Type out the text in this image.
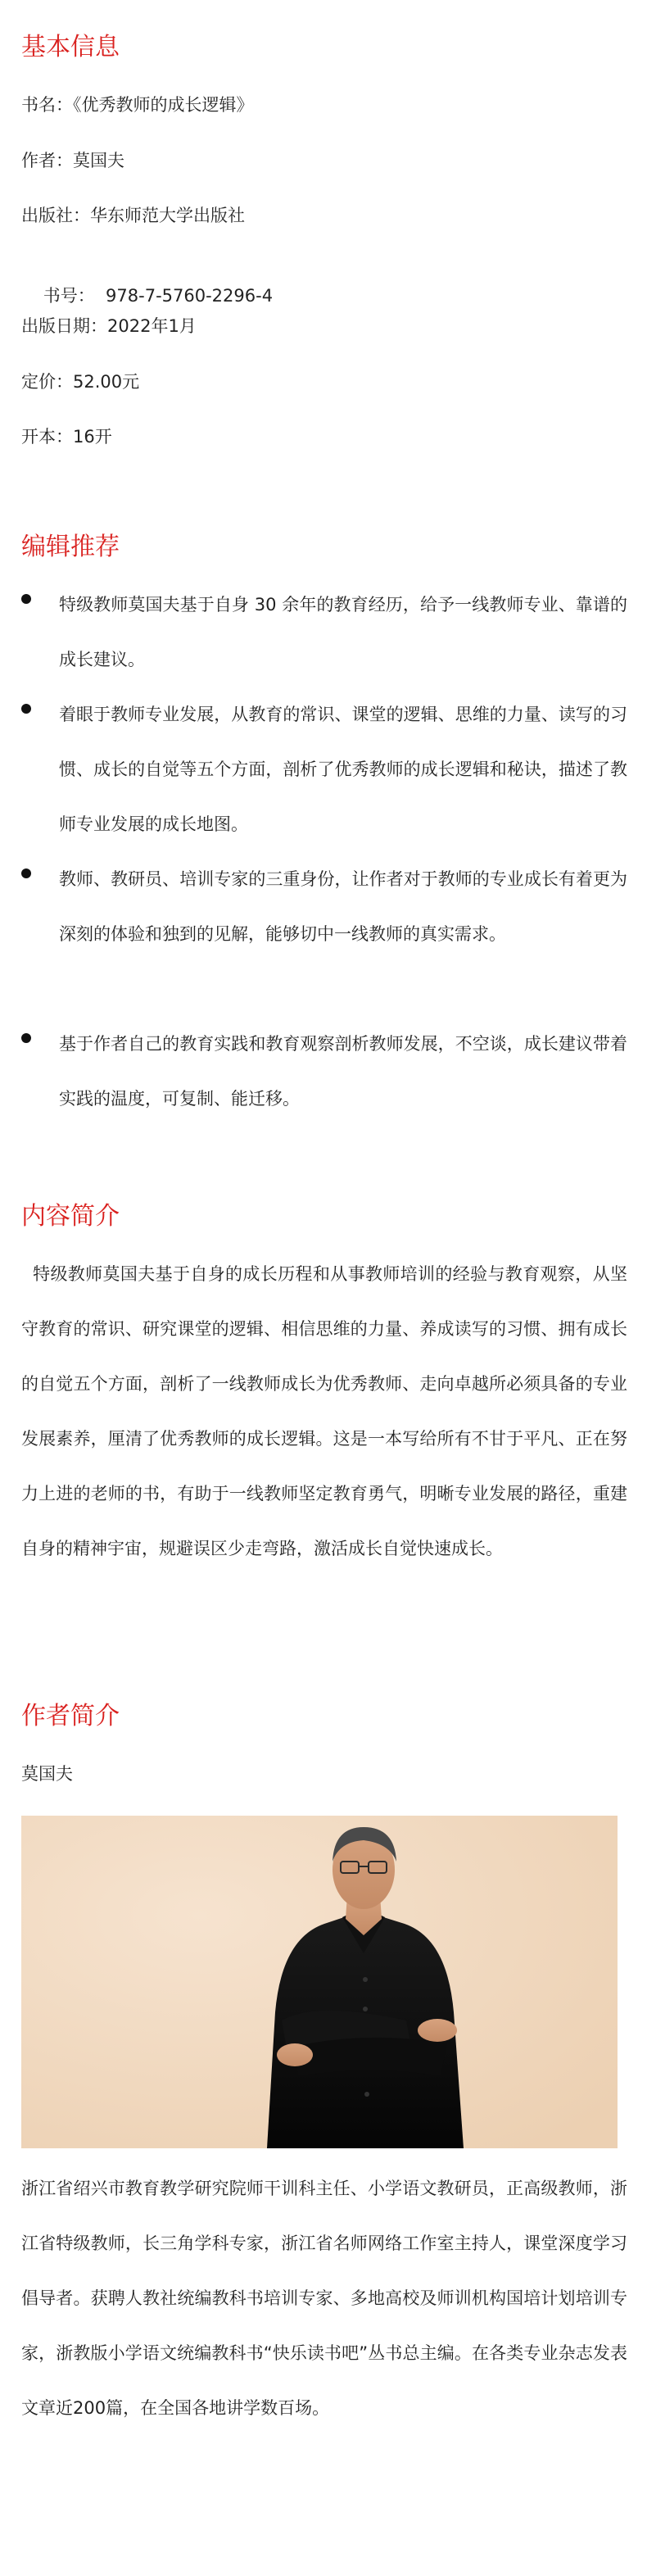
基本信息
书名：《优秀教师的成长逻辑》
作者：莫国夫
出版社：华东师范大学出版社

书号：  978-7-5760-2296-4

出版日期：2022年1月
定价：52.00元
开本：16开
编辑推荐
特级教师莫国夫基于自身 30 余年的教育经历，给予一线教师专业、靠谱的成长建议。
着眼于教师专业发展，从教育的常识、课堂的逻辑、思维的力量、读写的习惯、成长的自觉等五个方面，剖析了优秀教师的成长逻辑和秘诀，描述了教师专业发展的成长地图。
教师、教研员、培训专家的三重身份，让作者对于教师的专业成长有着更为深刻的体验和独到的见解，能够切中一线教师的真实需求。
基于作者自己的教育实践和教育观察剖析教师发展，不空谈，成长建议带着实践的温度，可复制、能迁移。
内容简介
特级教师莫国夫基于自身的成长历程和从事教师培训的经验与教育观察，从坚守教育的常识、研究课堂的逻辑、相信思维的力量、养成读写的习惯、拥有成长的自觉五个方面，剖析了一线教师成长为优秀教师、走向卓越所必须具备的专业发展素养，厘清了优秀教师的成长逻辑。这是一本写给所有不甘于平凡、正在努力上进的老师的书，有助于一线教师坚定教育勇气，明晰专业发展的路径，重建自身的精神宇宙，规避误区少走弯路，激活成长自觉快速成长。
作者简介
莫国夫
浙江省绍兴市教育教学研究院师干训科主任、小学语文教研员，正高级教师，浙江省特级教师，长三角学科专家，浙江省名师网络工作室主持人，课堂深度学习倡导者。获聘人教社统编教科书培训专家、多地高校及师训机构国培计划培训专家，浙教版小学语文统编教科书“快乐读书吧”丛书总主编。在各类专业杂志发表文章近200篇，在全国各地讲学数百场。
